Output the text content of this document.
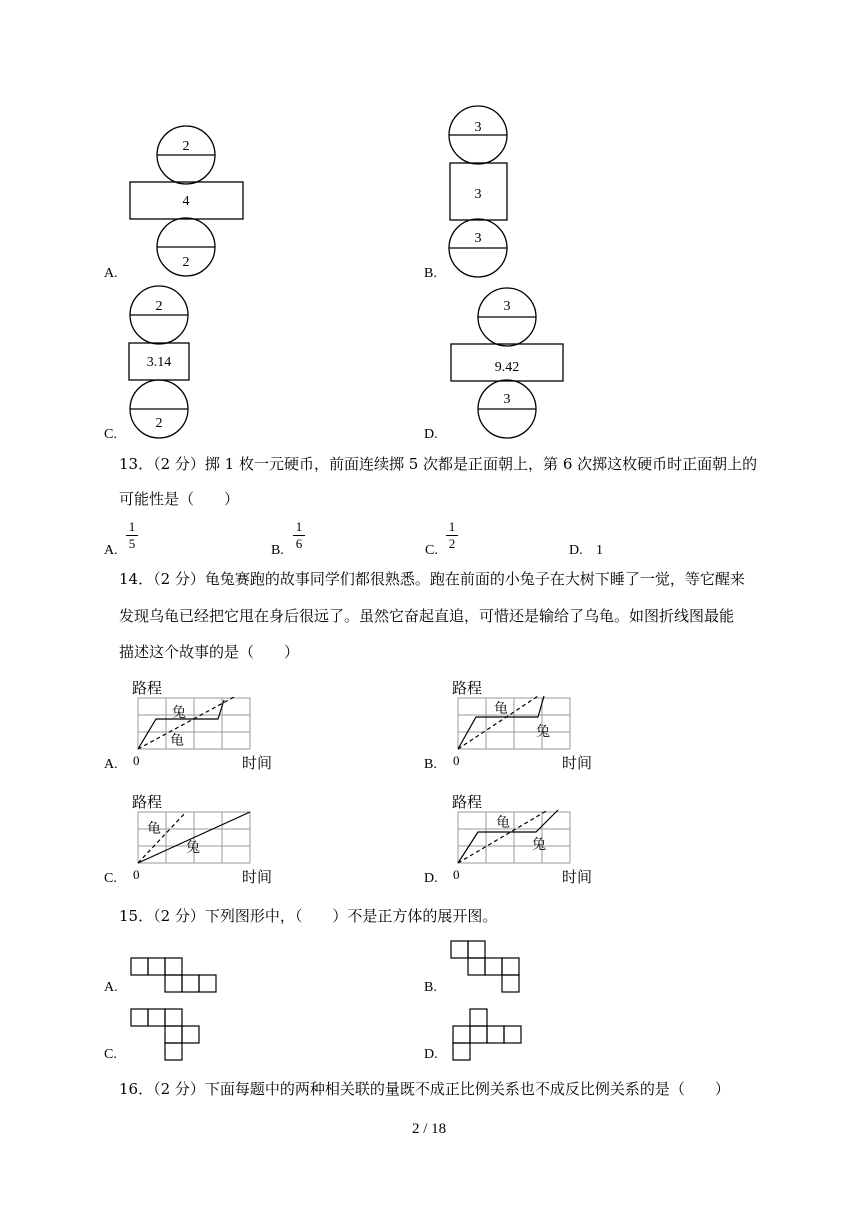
A.
2
4
2
B.
3
3
3
C.
2
3.14
2
D.
3
9.42
3
13．（2 分）掷 1 枚一元硬币，前面连续掷 5 次都是正面朝上，第 6 次掷这枚硬币时正面朝上的
可能性是（　　）
A.
1
5	B.
1
6	C.
1
2	D. 1
14．（2 分）龟兔赛跑的故事同学们都很熟悉。跑在前面的小兔子在大树下睡了一觉，等它醒来
发现乌龟已经把它甩在身后很远了。虽然它奋起直追，可惜还是输给了乌龟。如图折线图最能
描述这个故事的是（　　）
A.
路程
兔
龟
0	时间	B.
路程
龟
兔
0	时间
C.
路程
龟
兔
0	时间	D.
路程
龟
兔
0	时间
15．（2 分）下列图形中，（　　）不是正方体的展开图。
A.	B.
C.	D.
16．（2 分）下面每题中的两种相关联的量既不成正比例关系也不成反比例关系的是（　　）
2 / 18
